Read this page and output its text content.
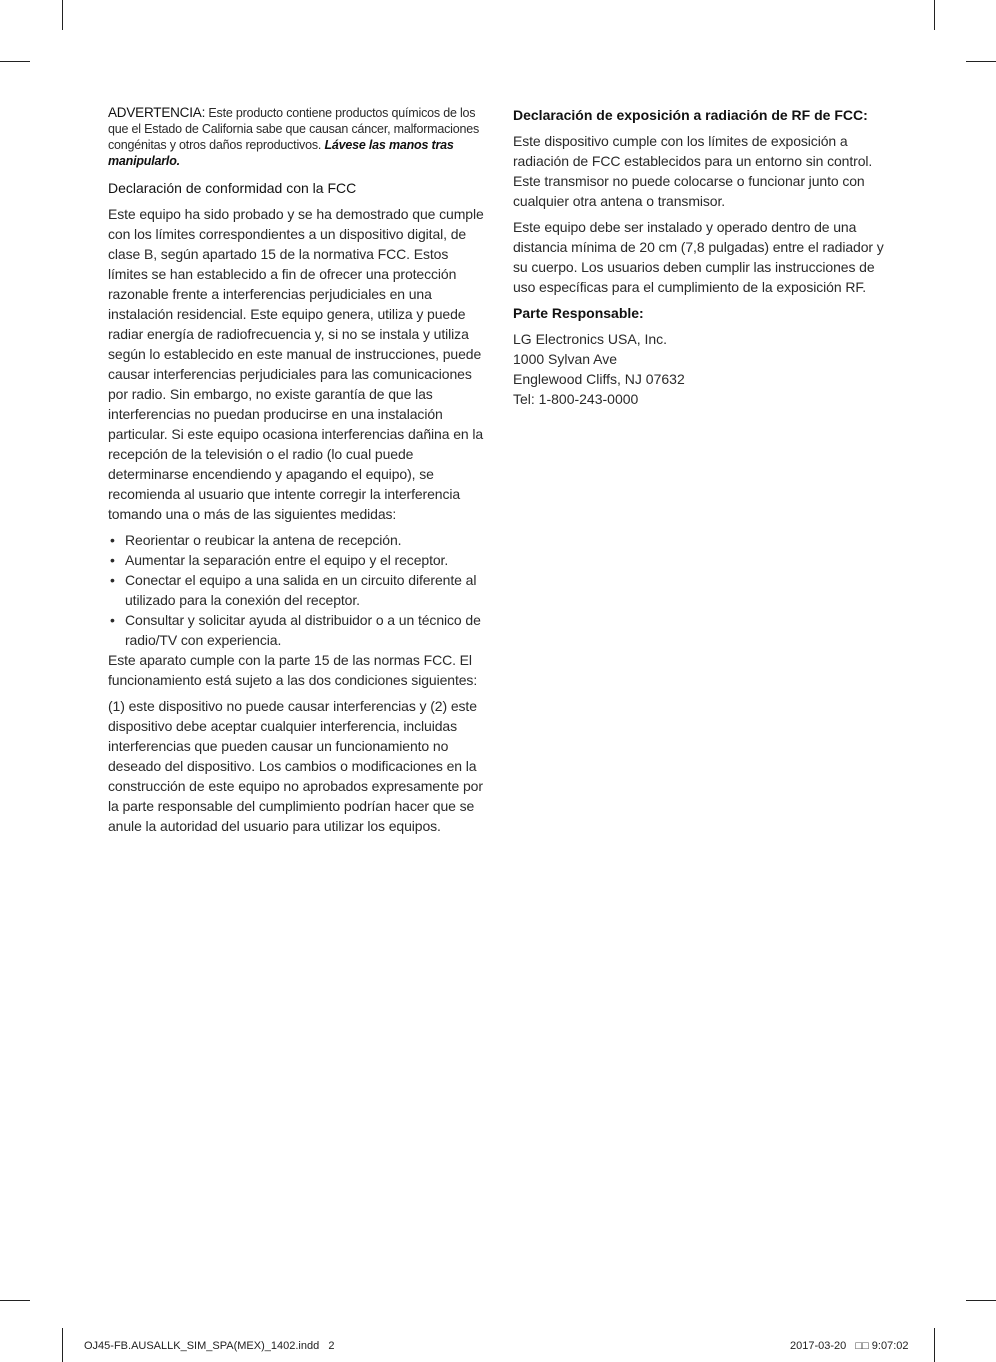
ADVERTENCIA: Este producto contiene productos químicos de los que el Estado de California sabe que causan cáncer, malformaciones congénitas y otros daños reproductivos. Lávese las manos tras manipularlo.

Declaración de conformidad con la FCC

Este equipo ha sido probado y se ha demostrado que cumple con los límites correspondientes a un dispositivo digital, de clase B, según apartado 15 de la normativa FCC. Estos límites se han establecido a fin de ofrecer una protección razonable frente a interferencias perjudiciales en una instalación residencial. Este equipo genera, utiliza y puede radiar energía de radiofrecuencia y, si no se instala y utiliza según lo establecido en este manual de instrucciones, puede causar interferencias perjudiciales para las comunicaciones por radio. Sin embargo, no existe garantía de que las interferencias no puedan producirse en una instalación particular. Si este equipo ocasiona interferencias dañina en la recepción de la televisión o el radio (lo cual puede determinarse encendiendo y apagando el equipo), se recomienda al usuario que intente corregir la interferencia tomando una o más de las siguientes medidas:

• Reorientar o reubicar la antena de recepción.
• Aumentar la separación entre el equipo y el receptor.
• Conectar el equipo a una salida en un circuito diferente al utilizado para la conexión del receptor.
• Consultar y solicitar ayuda al distribuidor o a un técnico de radio/TV con experiencia.

Este aparato cumple con la parte 15 de las normas FCC. El funcionamiento está sujeto a las dos condiciones siguientes:

(1) este dispositivo no puede causar interferencias y (2) este dispositivo debe aceptar cualquier interferencia, incluidas interferencias que pueden causar un funcionamiento no deseado del dispositivo. Los cambios o modificaciones en la construcción de este equipo no aprobados expresamente por la parte responsable del cumplimiento podrían hacer que se anule la autoridad del usuario para utilizar los equipos.

Declaración de exposición a radiación de RF de FCC:

Este dispositivo cumple con los límites de exposición a radiación de FCC establecidos para un entorno sin control. Este transmisor no puede colocarse o funcionar junto con cualquier otra antena o transmisor.

Este equipo debe ser instalado y operado dentro de una distancia mínima de 20 cm (7,8 pulgadas) entre el radiador y su cuerpo. Los usuarios deben cumplir las instrucciones de uso específicas para el cumplimiento de la exposición RF.

Parte Responsable:

LG Electronics USA, Inc.
1000 Sylvan Ave
Englewood Cliffs, NJ 07632
Tel: 1-800-243-0000
OJ45-FB.AUSALLK_SIM_SPA(MEX)_1402.indd   2	2017-03-20   □□ 9:07:02
